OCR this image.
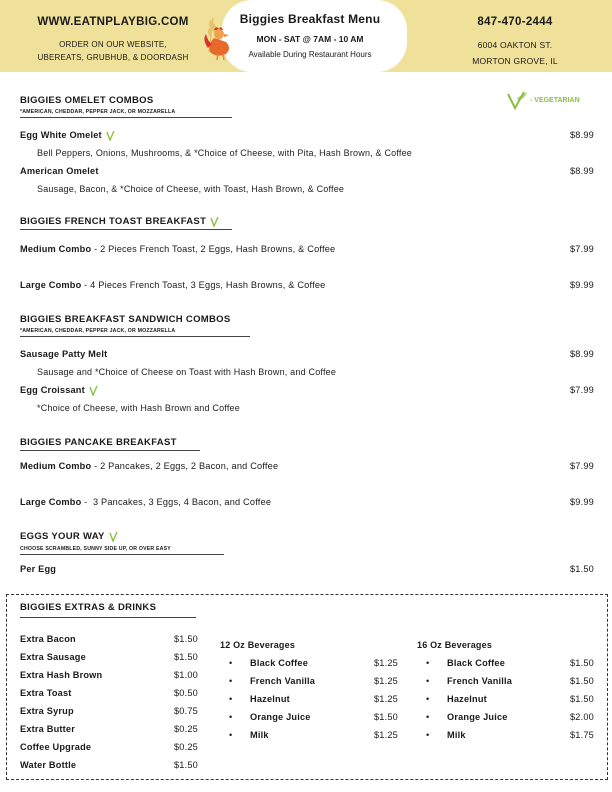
WWW.EATNPLAYBIG.COM
ORDER ON OUR WEBSITE,
UBEREATS, GRUBHUB, & DOORDASH
Biggies Breakfast Menu
MON - SAT @ 7AM - 10 AM
Available During Restaurant Hours
847-470-2444
6004 OAKTON ST.
MORTON GROVE, IL
- VEGETARIAN
BIGGIES OMELET COMBOS
*AMERICAN, CHEDDAR, PEPPER JACK, OR MOZZARELLA
Egg White Omelet	$8.99
Bell Peppers, Onions, Mushrooms, & *Choice of Cheese, with Pita, Hash Brown, & Coffee
American Omelet	$8.99
Sausage, Bacon, & *Choice of Cheese, with Toast, Hash Brown, & Coffee
BIGGIES FRENCH TOAST BREAKFAST
Medium Combo - 2 Pieces French Toast, 2 Eggs, Hash Browns, & Coffee	$7.99
Large Combo - 4 Pieces French Toast, 3 Eggs, Hash Browns, & Coffee	$9.99
BIGGIES BREAKFAST SANDWICH COMBOS
*AMERICAN, CHEDDAR, PEPPER JACK, OR MOZZARELLA
Sausage Patty Melt	$8.99
Sausage and *Choice of Cheese on Toast with Hash Brown, and Coffee
Egg Croissant	$7.99
*Choice of Cheese, with Hash Brown and Coffee
BIGGIES PANCAKE BREAKFAST
Medium Combo - 2 Pancakes, 2 Eggs, 2 Bacon, and Coffee	$7.99
Large Combo -  3 Pancakes, 3 Eggs, 4 Bacon, and Coffee	$9.99
EGGS YOUR WAY
CHOOSE SCRAMBLED, SUNNY SIDE UP, OR OVER EASY
Per Egg	$1.50
BIGGIES EXTRAS & DRINKS
Extra Bacon	$1.50
Extra Sausage	$1.50
Extra Hash Brown	$1.00
Extra Toast	$0.50
Extra Syrup	$0.75
Extra Butter	$0.25
Coffee Upgrade	$0.25
Water Bottle	$1.50
12 Oz Beverages
• Black Coffee	$1.25
• French Vanilla	$1.25
• Hazelnut	$1.25
• Orange Juice	$1.50
• Milk	$1.25
16 Oz Beverages
• Black Coffee	$1.50
• French Vanilla	$1.50
• Hazelnut	$1.50
• Orange Juice	$2.00
• Milk	$1.75
